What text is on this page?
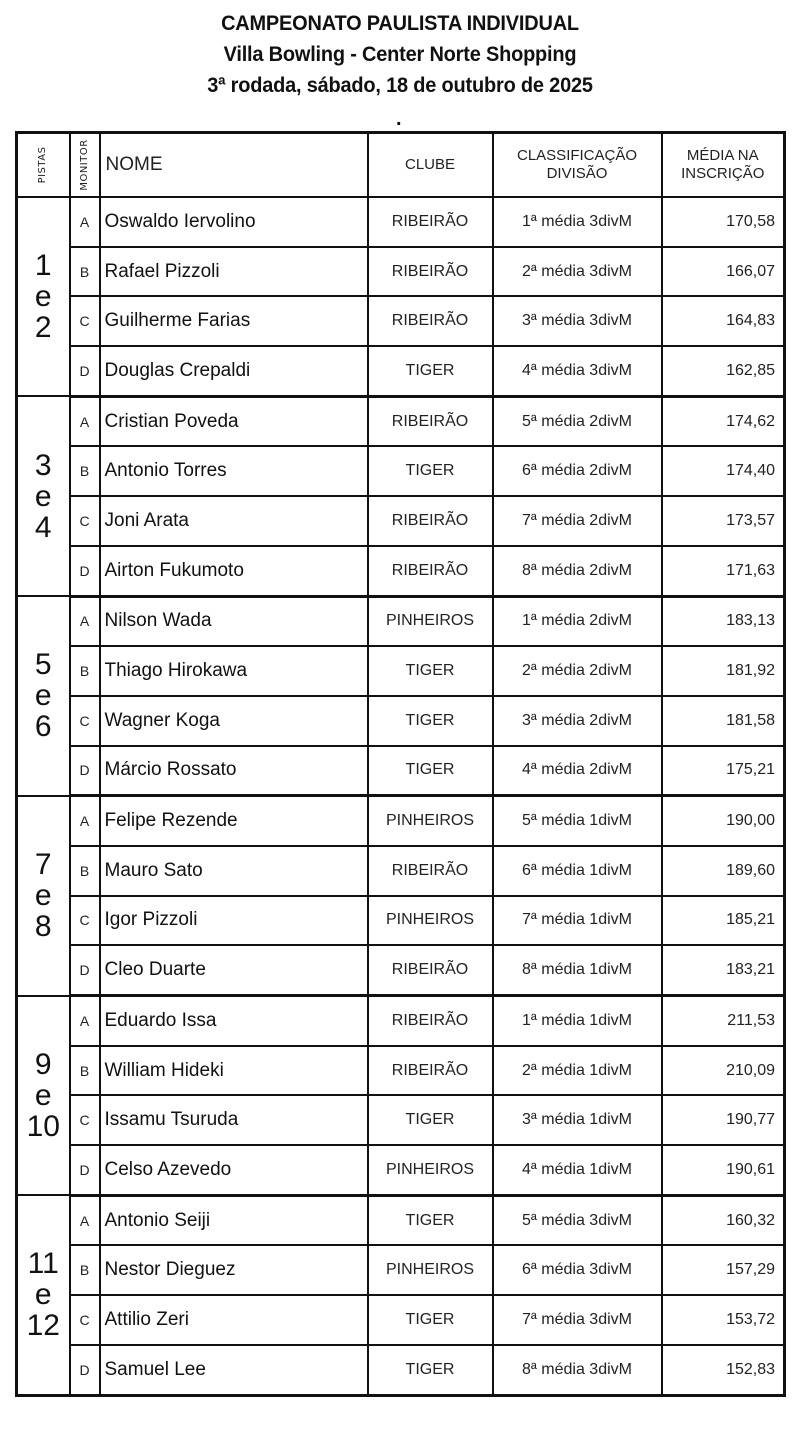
CAMPEONATO PAULISTA INDIVIDUAL
Villa Bowling - Center Norte Shopping
3ª rodada, sábado, 18 de outubro de 2025
.
PISTAS	MONITOR	NOME	CLUBE	CLASSIFICAÇÃO DIVISÃO	MÉDIA NA INSCRIÇÃO

1
e
2	A	Oswaldo Iervolino	RIBEIRÃO	1ª média 3divM	170,58
	B	Rafael Pizzoli	RIBEIRÃO	2ª média 3divM	166,07
	C	Guilherme Farias	RIBEIRÃO	3ª média 3divM	164,83
	D	Douglas Crepaldi	TIGER	4ª média 3divM	162,85

3
e
4	A	Cristian Poveda	RIBEIRÃO	5ª média 2divM	174,62
	B	Antonio Torres	TIGER	6ª média 2divM	174,40
	C	Joni Arata	RIBEIRÃO	7ª média 2divM	173,57
	D	Airton Fukumoto	RIBEIRÃO	8ª média 2divM	171,63

5
e
6	A	Nilson Wada	PINHEIROS	1ª média 2divM	183,13
	B	Thiago Hirokawa	TIGER	2ª média 2divM	181,92
	C	Wagner Koga	TIGER	3ª média 2divM	181,58
	D	Márcio Rossato	TIGER	4ª média 2divM	175,21

7
e
8	A	Felipe Rezende	PINHEIROS	5ª média 1divM	190,00
	B	Mauro Sato	RIBEIRÃO	6ª média 1divM	189,60
	C	Igor Pizzoli	PINHEIROS	7ª média 1divM	185,21
	D	Cleo Duarte	RIBEIRÃO	8ª média 1divM	183,21

9
e
10	A	Eduardo Issa	RIBEIRÃO	1ª média 1divM	211,53
	B	William Hideki	RIBEIRÃO	2ª média 1divM	210,09
	C	Issamu Tsuruda	TIGER	3ª média 1divM	190,77
	D	Celso Azevedo	PINHEIROS	4ª média 1divM	190,61

11
e
12	A	Antonio Seiji	TIGER	5ª média 3divM	160,32
	B	Nestor Dieguez	PINHEIROS	6ª média 3divM	157,29
	C	Attilio Zeri	TIGER	7ª média 3divM	153,72
	D	Samuel Lee	TIGER	8ª média 3divM	152,83
